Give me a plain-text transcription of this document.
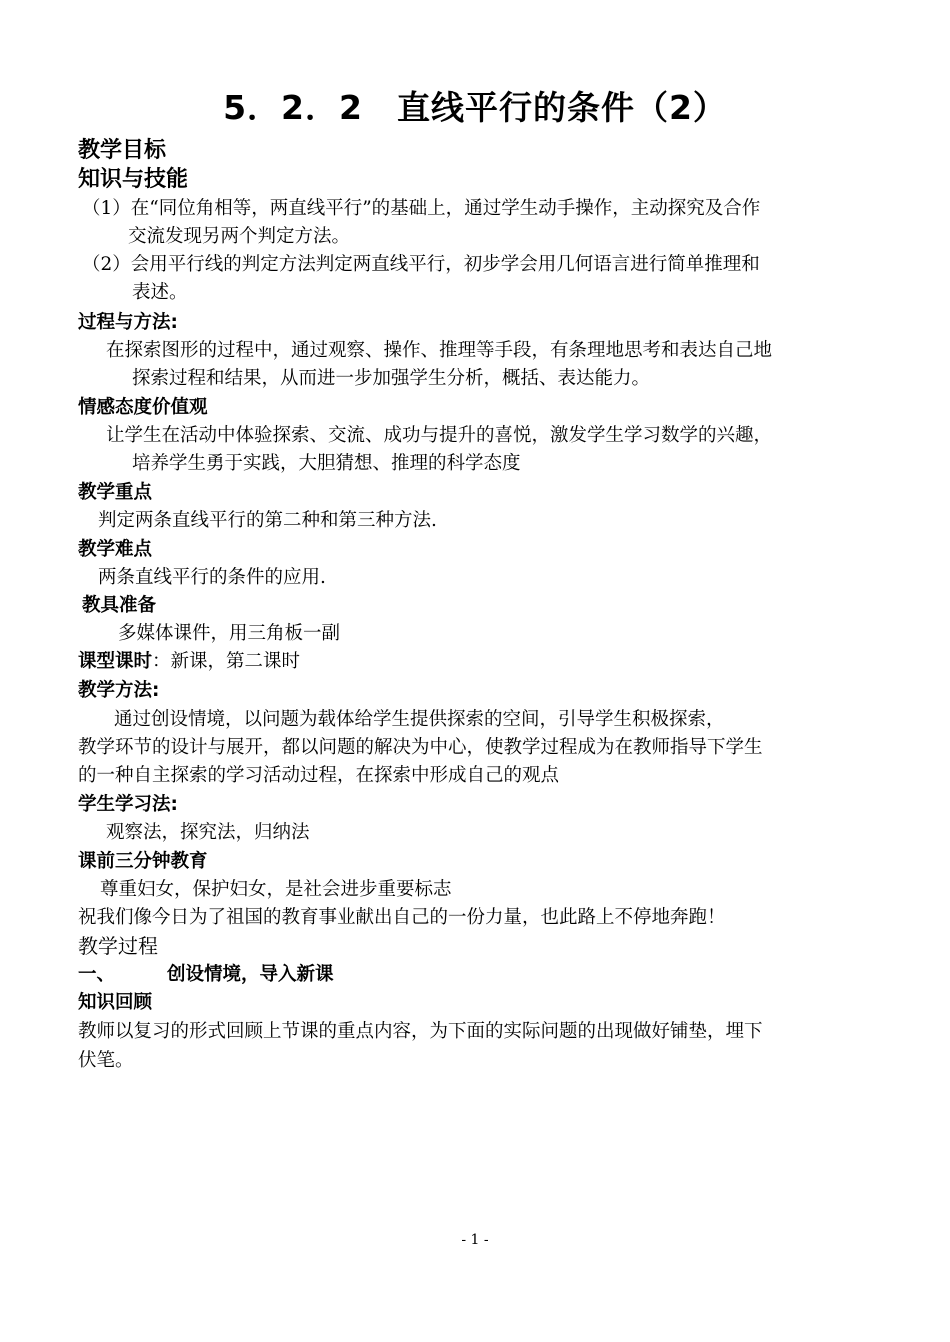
5．2．2　直线平行的条件（2）
教学目标
知识与技能
（1）在“同位角相等，两直线平行”的基础上，通过学生动手操作，主动探究及合作
交流发现另两个判定方法。
（2）会用平行线的判定方法判定两直线平行，初步学会用几何语言进行简单推理和
表述。
过程与方法:
在探索图形的过程中，通过观察、操作、推理等手段，有条理地思考和表达自己地
探索过程和结果，从而进一步加强学生分析，概括、表达能力。
情感态度价值观
让学生在活动中体验探索、交流、成功与提升的喜悦，激发学生学习数学的兴趣，
培养学生勇于实践，大胆猜想、推理的科学态度
教学重点
判定两条直线平行的第二种和第三种方法.
教学难点
两条直线平行的条件的应用.
教具准备
多媒体课件，用三角板一副
课型课时：新课，第二课时
教学方法:
通过创设情境，以问题为载体给学生提供探索的空间，引导学生积极探索，
教学环节的设计与展开，都以问题的解决为中心，使教学过程成为在教师指导下学生
的一种自主探索的学习活动过程，在探索中形成自己的观点
学生学习法:
观察法，探究法，归纳法
课前三分钟教育
尊重妇女，保护妇女，是社会进步重要标志
祝我们像今日为了祖国的教育事业献出自己的一份力量，也此路上不停地奔跑！
教学过程
一、	创设情境，导入新课
知识回顾
教师以复习的形式回顾上节课的重点内容，为下面的实际问题的出现做好铺垫，埋下
伏笔。
- 1 -
